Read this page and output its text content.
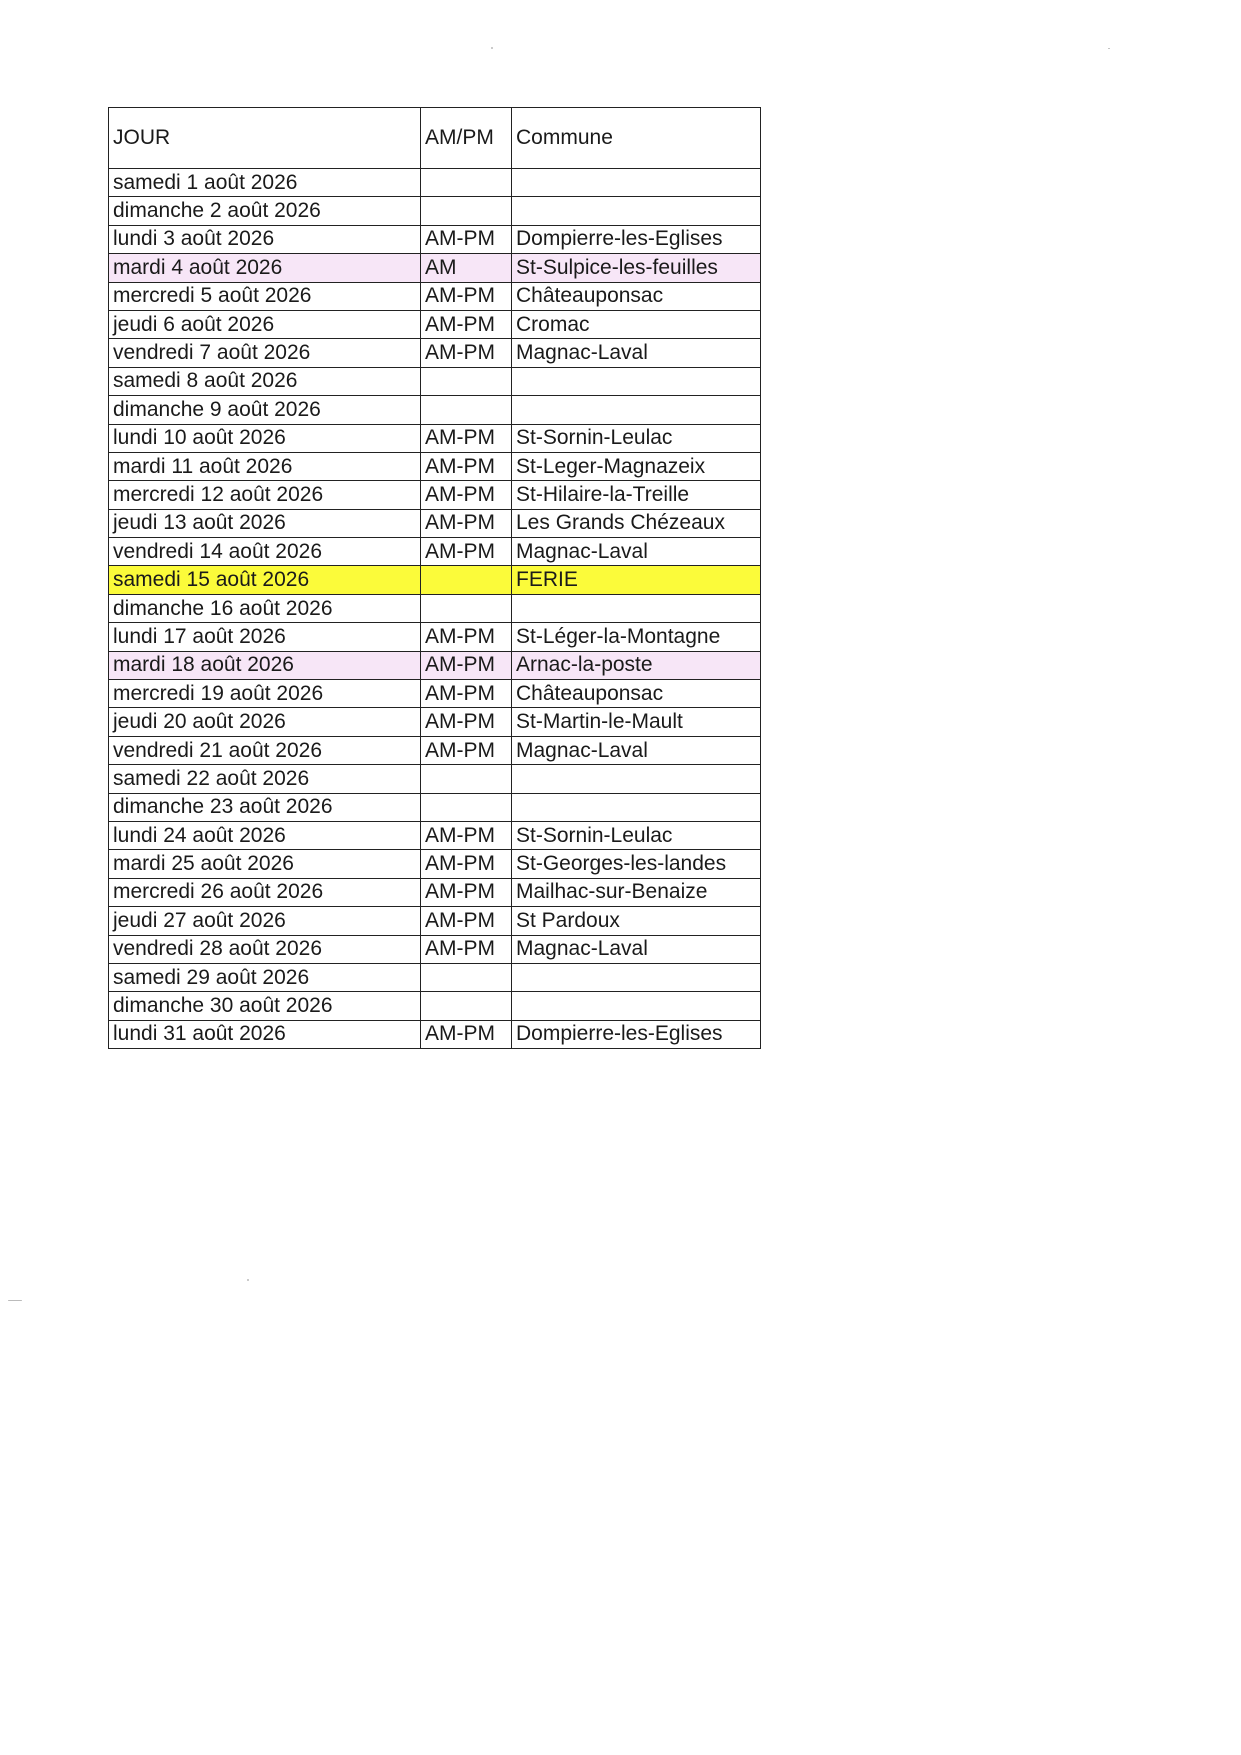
JOUR	AM/PM	Commune
samedi 1 août 2026		
dimanche 2 août 2026		
lundi 3 août 2026	AM-PM	Dompierre-les-Eglises
mardi 4 août 2026	AM	St-Sulpice-les-feuilles
mercredi 5 août 2026	AM-PM	Châteauponsac
jeudi 6 août 2026	AM-PM	Cromac
vendredi 7 août 2026	AM-PM	Magnac-Laval
samedi 8 août 2026		
dimanche 9 août 2026		
lundi 10 août 2026	AM-PM	St-Sornin-Leulac
mardi 11 août 2026	AM-PM	St-Leger-Magnazeix
mercredi 12 août 2026	AM-PM	St-Hilaire-la-Treille
jeudi 13 août 2026	AM-PM	Les Grands Chézeaux
vendredi 14 août 2026	AM-PM	Magnac-Laval
samedi 15 août 2026		FERIE
dimanche 16 août 2026		
lundi 17 août 2026	AM-PM	St-Léger-la-Montagne
mardi 18 août 2026	AM-PM	Arnac-la-poste
mercredi 19 août 2026	AM-PM	Châteauponsac
jeudi 20 août 2026	AM-PM	St-Martin-le-Mault
vendredi 21 août 2026	AM-PM	Magnac-Laval
samedi 22 août 2026		
dimanche 23 août 2026		
lundi 24 août 2026	AM-PM	St-Sornin-Leulac
mardi 25 août 2026	AM-PM	St-Georges-les-landes
mercredi 26 août 2026	AM-PM	Mailhac-sur-Benaize
jeudi 27 août 2026	AM-PM	St Pardoux
vendredi 28 août 2026	AM-PM	Magnac-Laval
samedi 29 août 2026		
dimanche 30 août 2026		
lundi 31 août 2026	AM-PM	Dompierre-les-Eglises
